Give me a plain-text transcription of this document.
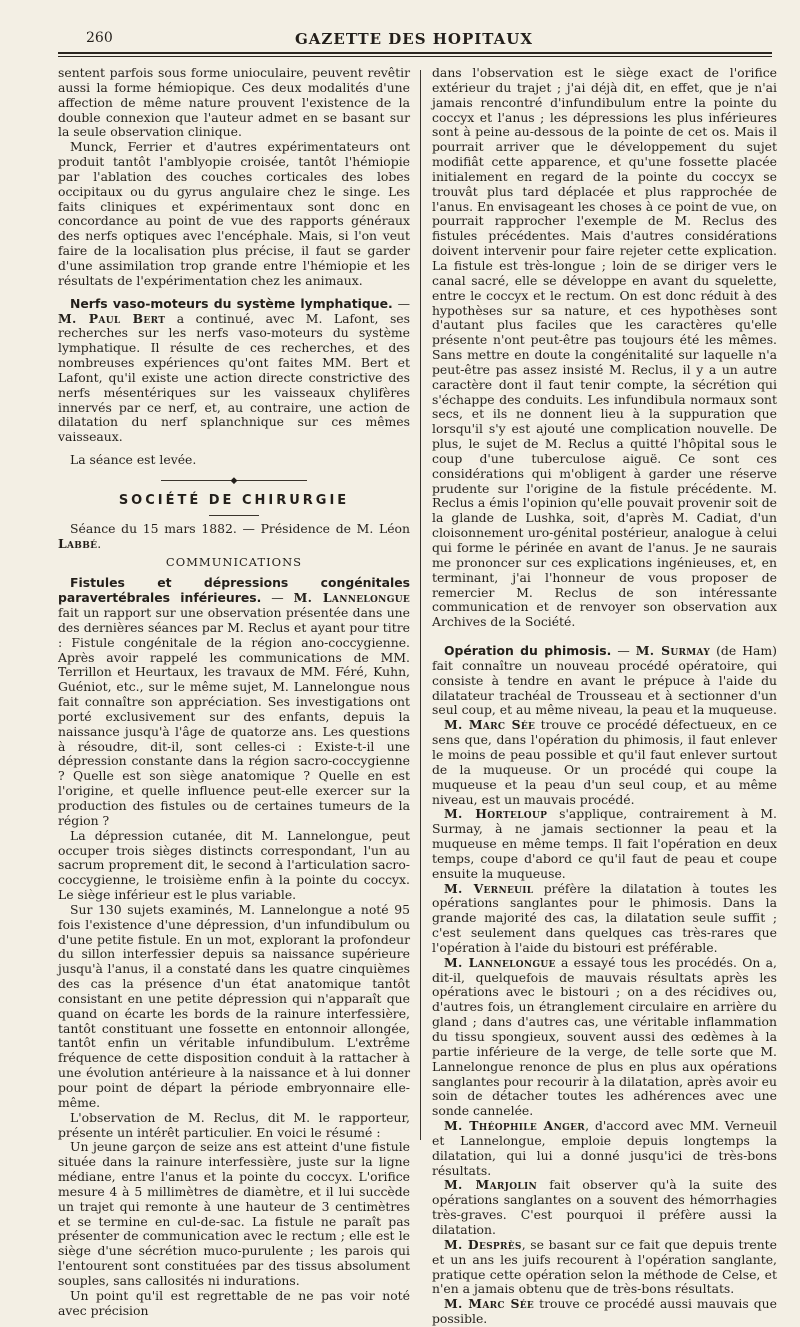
260	GAZETTE DES HOPITAUX

sentent parfois sous forme unioculaire, peuvent revêtir aussi la forme hémiopique. Ces deux modalités d'une affection de même nature prouvent l'existence de la double connexion que l'auteur admet en se basant sur la seule observation clinique.

Munck, Ferrier et d'autres expérimentateurs ont produit tantôt l'amblyopie croisée, tantôt l'hémiopie par l'ablation des couches corticales des lobes occipitaux ou du gyrus angulaire chez le singe. Les faits cliniques et expérimentaux sont donc en concordance au point de vue des rapports généraux des nerfs optiques avec l'encéphale. Mais, si l'on veut faire de la localisation plus précise, il faut se garder d'une assimilation trop grande entre l'hémiopie et les résultats de l'expérimentation chez les animaux.

Nerfs vaso-moteurs du système lymphatique. — M. Paul Bert a continué, avec M. Lafont, ses recherches sur les nerfs vaso-moteurs du système lymphatique. Il résulte de ces recherches, et des nombreuses expériences qu'ont faites MM. Bert et Lafont, qu'il existe une action directe constrictive des nerfs mésentériques sur les vaisseaux chylifères innervés par ce nerf, et, au contraire, une action de dilatation du nerf splanchnique sur ces mêmes vaisseaux.

La séance est levée.

◆

SOCIÉTÉ DE CHIRURGIE

Séance du 15 mars 1882. — Présidence de M. Léon Labbé.

COMMUNICATIONS

Fistules et dépressions congénitales paravertébrales inférieures. — M. Lannelongue fait un rapport sur une observation présentée dans une des dernières séances par M. Reclus et ayant pour titre : Fistule congénitale de la région ano-coccygienne. Après avoir rappelé les communications de MM. Terrillon et Heurtaux, les travaux de MM. Féré, Kuhn, Guéniot, etc., sur le même sujet, M. Lannelongue nous fait connaître son appréciation. Ses investigations ont porté exclusivement sur des enfants, depuis la naissance jusqu'à l'âge de quatorze ans. Les questions à résoudre, dit-il, sont celles-ci : Existe-t-il une dépression constante dans la région sacro-coccygienne ? Quelle est son siège anatomique ? Quelle en est l'origine, et quelle influence peut-elle exercer sur la production des fistules ou de certaines tumeurs de la région ?

La dépression cutanée, dit M. Lannelongue, peut occuper trois sièges distincts correspondant, l'un au sacrum proprement dit, le second à l'articulation sacro-coccygienne, le troisième enfin à la pointe du coccyx. Le siège inférieur est le plus variable.

Sur 130 sujets examinés, M. Lannelongue a noté 95 fois l'existence d'une dépression, d'un infundibulum ou d'une petite fistule. En un mot, explorant la profondeur du sillon interfessier depuis sa naissance supérieure jusqu'à l'anus, il a constaté dans les quatre cinquièmes des cas la présence d'un état anatomique tantôt consistant en une petite dépression qui n'apparaît que quand on écarte les bords de la rainure interfessière, tantôt constituant une fossette en entonnoir allongée, tantôt enfin un véritable infundibulum. L'extrême fréquence de cette disposition conduit à la rattacher à une évolution antérieure à la naissance et à lui donner pour point de départ la période embryonnaire elle-même.

L'observation de M. Reclus, dit M. le rapporteur, présente un intérêt particulier. En voici le résumé :

Un jeune garçon de seize ans est atteint d'une fistule située dans la rainure interfessière, juste sur la ligne médiane, entre l'anus et la pointe du coccyx. L'orifice mesure 4 à 5 millimètres de diamètre, et il lui succède un trajet qui remonte à une hauteur de 3 centimètres et se termine en cul-de-sac. La fistule ne paraît pas présenter de communication avec le rectum ; elle est le siège d'une sécrétion muco-purulente ; les parois qui l'entourent sont constituées par des tissus absolument souples, sans callosités ni indurations.

Un point qu'il est regrettable de ne pas voir noté avec précision

dans l'observation est le siège exact de l'orifice extérieur du trajet ; j'ai déjà dit, en effet, que je n'ai jamais rencontré d'infundibulum entre la pointe du coccyx et l'anus ; les dépressions les plus inférieures sont à peine au-dessous de la pointe de cet os. Mais il pourrait arriver que le développement du sujet modifiât cette apparence, et qu'une fossette placée initialement en regard de la pointe du coccyx se trouvât plus tard déplacée et plus rapprochée de l'anus. En envisageant les choses à ce point de vue, on pourrait rapprocher l'exemple de M. Reclus des fistules précédentes. Mais d'autres considérations doivent intervenir pour faire rejeter cette explication. La fistule est très-longue ; loin de se diriger vers le canal sacré, elle se développe en avant du squelette, entre le coccyx et le rectum. On est donc réduit à des hypothèses sur sa nature, et ces hypothèses sont d'autant plus faciles que les caractères qu'elle présente n'ont peut-être pas toujours été les mêmes. Sans mettre en doute la congénitalité sur laquelle n'a peut-être pas assez insisté M. Reclus, il y a un autre caractère dont il faut tenir compte, la sécrétion qui s'échappe des conduits. Les infundibula normaux sont secs, et ils ne donnent lieu à la suppuration que lorsqu'il s'y est ajouté une complication nouvelle. De plus, le sujet de M. Reclus a quitté l'hôpital sous le coup d'une tuberculose aiguë. Ce sont ces considérations qui m'obligent à garder une réserve prudente sur l'origine de la fistule précédente. M. Reclus a émis l'opinion qu'elle pouvait provenir soit de la glande de Lushka, soit, d'après M. Cadiat, d'un cloisonnement uro-génital postérieur, analogue à celui qui forme le périnée en avant de l'anus. Je ne saurais me prononcer sur ces explications ingénieuses, et, en terminant, j'ai l'honneur de vous proposer de remercier M. Reclus de son intéressante communication et de renvoyer son observation aux Archives de la Société.

Opération du phimosis. — M. Surmay (de Ham) fait connaître un nouveau procédé opératoire, qui consiste à tendre en avant le prépuce à l'aide du dilatateur trachéal de Trousseau et à sectionner d'un seul coup, et au même niveau, la peau et la muqueuse.

M. Marc Sée trouve ce procédé défectueux, en ce sens que, dans l'opération du phimosis, il faut enlever le moins de peau possible et qu'il faut enlever surtout de la muqueuse. Or un procédé qui coupe la muqueuse et la peau d'un seul coup, et au même niveau, est un mauvais procédé.

M. Horteloup s'applique, contrairement à M. Surmay, à ne jamais sectionner la peau et la muqueuse en même temps. Il fait l'opération en deux temps, coupe d'abord ce qu'il faut de peau et coupe ensuite la muqueuse.

M. Verneuil préfère la dilatation à toutes les opérations sanglantes pour le phimosis. Dans la grande majorité des cas, la dilatation seule suffit ; c'est seulement dans quelques cas très-rares que l'opération à l'aide du bistouri est préférable.

M. Lannelongue a essayé tous les procédés. On a, dit-il, quelquefois de mauvais résultats après les opérations avec le bistouri ; on a des récidives ou, d'autres fois, un étranglement circulaire en arrière du gland ; dans d'autres cas, une véritable inflammation du tissu spongieux, souvent aussi des œdèmes à la partie inférieure de la verge, de telle sorte que M. Lannelongue renonce de plus en plus aux opérations sanglantes pour recourir à la dilatation, après avoir eu soin de détacher toutes les adhérences avec une sonde cannelée.

M. Théophile Anger, d'accord avec MM. Verneuil et Lannelongue, emploie depuis longtemps la dilatation, qui lui a donné jusqu'ici de très-bons résultats.

M. Marjolin fait observer qu'à la suite des opérations sanglantes on a souvent des hémorrhagies très-graves. C'est pourquoi il préfère aussi la dilatation.

M. Desprès, se basant sur ce fait que depuis trente et un ans les juifs recourent à l'opération sanglante, pratique cette opération selon la méthode de Celse, et n'en a jamais obtenu que de très-bons résultats.

M. Marc Sée trouve ce procédé aussi mauvais que possible.
